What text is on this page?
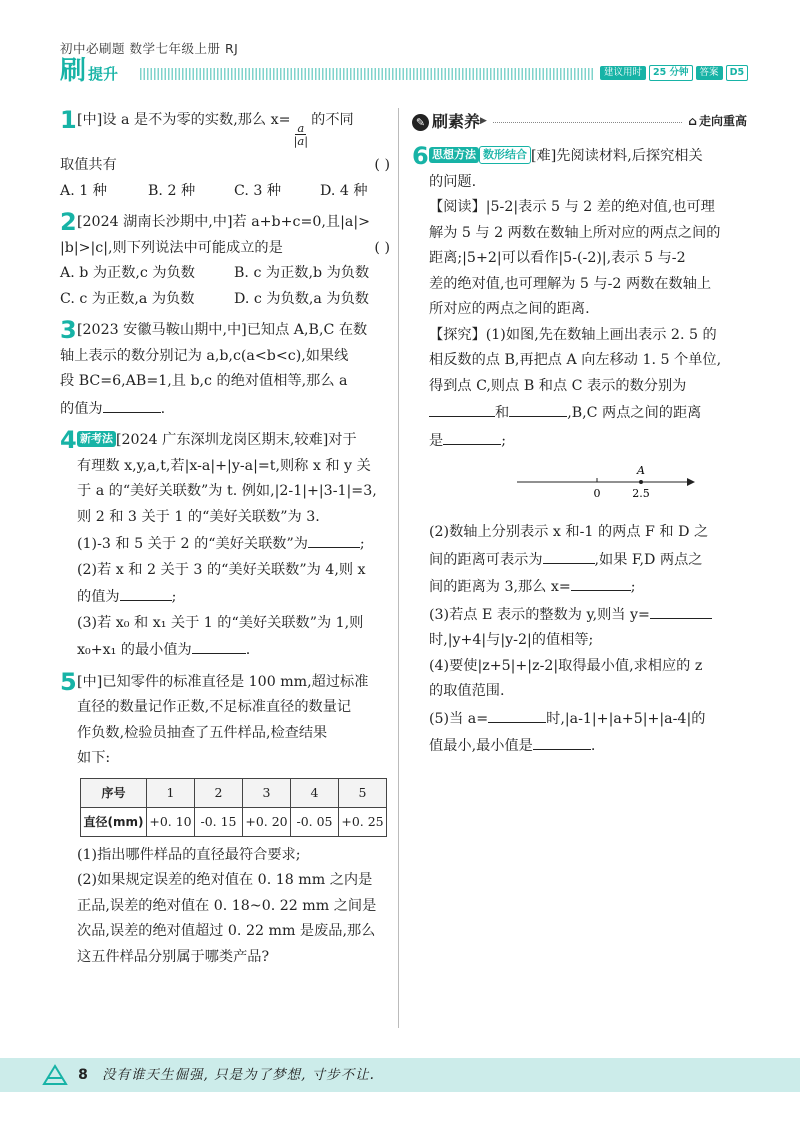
初中必刷题 数学七年级上册 RJ
刷 提升	建议用时	25 分钟	答案	D5
1 [中]设 a 是不为零的实数,那么 x=
$\frac{a}{|a|}$
的不同

取值共有	( )

A. 1 种	B. 2 种	C. 3 种	D. 4 种
2 [2024 湖南长沙期中,中]若 a+b+c=0,且|a|>

|b|>|c|,则下列说法中可能成立的是	( )

A. b 为正数,c 为负数	B. c 为正数,b 为负数
C. c 为正数,a 为负数	D. c 为负数,a 为负数
3 [2023 安徽马鞍山期中,中]已知点 A,B,C 在数

轴上表示的数分别记为 a,b,c(a<b<c),如果线

段 BC=6,AB=1,且 b,c 的绝对值相等,那么 a

的值为	.

4 新考法 [2024 广东深圳龙岗区期末,较难]对于

有理数 x,y,a,t,若|x-a|+|y-a|=t,则称 x 和 y 关

于 a 的“美好关联数”为 t. 例如,|2-1|+|3-1|=3,

则 2 和 3 关于 1 的“美好关联数”为 3.

(1)-3 和 5 关于 2 的“美好关联数”为	;

(2)若 x 和 2 关于 3 的“美好关联数”为 4,则 x

的值为	;

(3)若 x₀ 和 x₁ 关于 1 的“美好关联数”为 1,则

x₀+x₁ 的最小值为	.

5 [中]已知零件的标准直径是 100 mm,超过标准

直径的数量记作正数,不足标准直径的数量记

作负数,检验员抽查了五件样品,检查结果

如下:

序号	1	2	3	4	5
直径(mm)	+0. 10	-0. 15	+0. 20	-0. 05	+0. 25

(1)指出哪件样品的直径最符合要求;

(2)如果规定误差的绝对值在 0. 18 mm 之内是

正品,误差的绝对值在 0. 18~0. 22 mm 之间是

次品,误差的绝对值超过 0. 22 mm 是废品,那么

这五件样品分别属于哪类产品?

✎ 刷素养 ▶	⌂ 走向重高
6 思想方法 数形结合 [难]先阅读材料,后探究相关

的问题.

【阅读】|5-2|表示 5 与 2 差的绝对值,也可理

解为 5 与 2 两数在数轴上所对应的两点之间的

距离;|5+2|可以看作|5-(-2)|,表示 5 与-2

差的绝对值,也可理解为 5 与-2 两数在数轴上

所对应的两点之间的距离.

【探究】(1)如图,先在数轴上画出表示 2. 5 的

相反数的点 B,再把点 A 向左移动 1. 5 个单位,

得到点 C,则点 B 和点 C 表示的数分别为

和	,B,C 两点之间的距离

是	;

A
0	2.5

(2)数轴上分别表示 x 和-1 的两点 F 和 D 之

间的距离可表示为	,如果 F,D 两点之

间的距离为 3,那么 x=	;

(3)若点 E 表示的整数为 y,则当 y=

时,|y+4|与|y-2|的值相等;

(4)要使|z+5|+|z-2|取得最小值,求相应的 z

的取值范围.

(5)当 a=	时,|a-1|+|a+5|+|a-4|的

值最小,最小值是	.

8	没有谁天生倔强, 只是为了梦想, 寸步不让.
